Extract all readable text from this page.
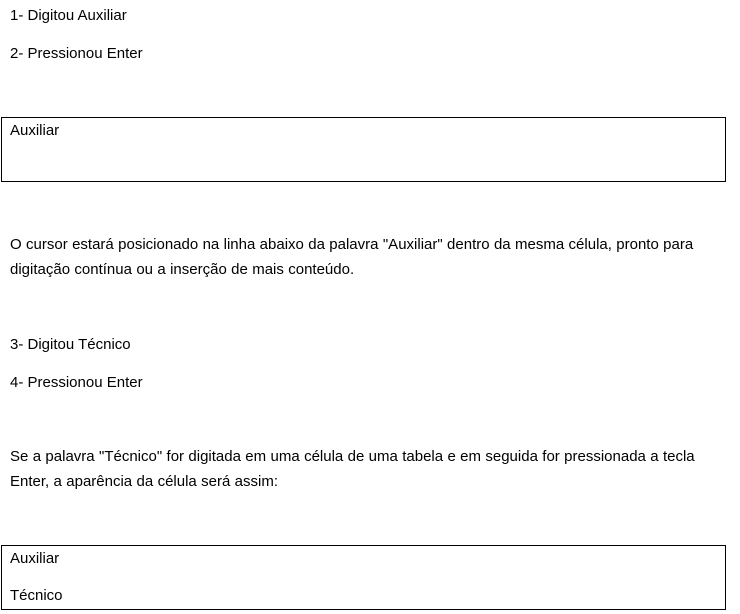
1- Digitou Auxiliar
2- Pressionou Enter
Auxiliar
O cursor estará posicionado na linha abaixo da palavra "Auxiliar" dentro da mesma célula, pronto para digitação contínua ou a inserção de mais conteúdo.
3- Digitou Técnico
4- Pressionou Enter
Se a palavra "Técnico" for digitada em uma célula de uma tabela e em seguida for pressionada a tecla Enter, a aparência da célula será assim:
Auxiliar
Técnico
